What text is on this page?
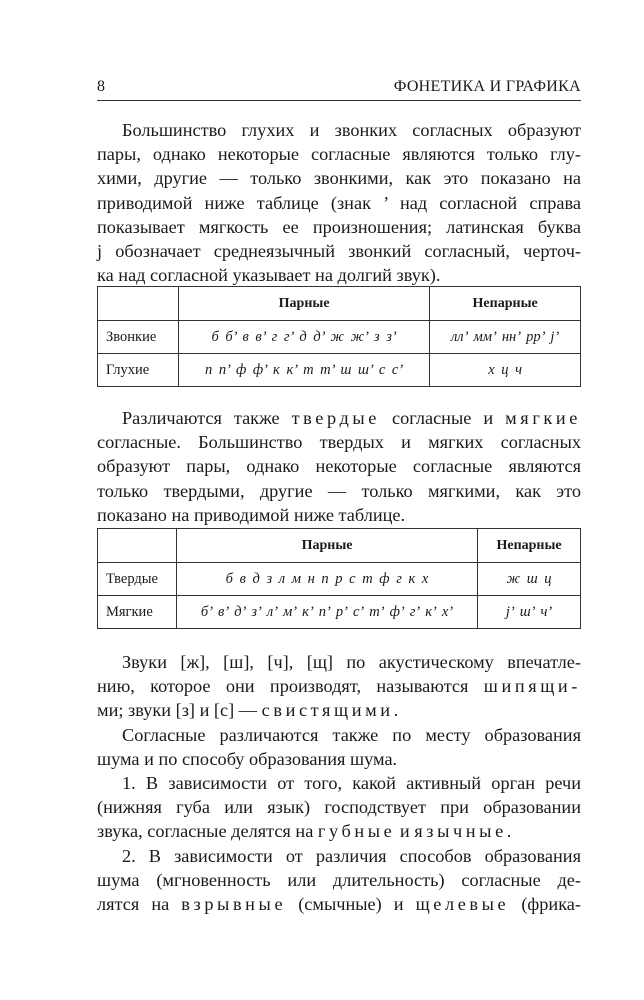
8	ФОНЕТИКА И ГРАФИКА
Большинство глухих и звонких согласных образуют
пары, однако некоторые согласные являются только глу-
хими, другие — только звонкими, как это показано на
приводимой ниже таблице (знак ’ над согласной справа
показывает мягкость ее произношения; латинская буква
j обозначает среднеязычный звонкий согласный, черточ-
ка над согласной указывает на долгий звук).
	Парные	Непарные
Звонкие	б б’ в в’ г г’ д д’ ж ж’ з з’	лл’ мм’ нн’ рр’ j’
Глухие	п п’ ф ф’ к к’ т т’ ш ш’ с с’	х ц ч
Различаются также твердые согласные и мягкие
согласные. Большинство твердых и мягких согласных
образуют пары, однако некоторые согласные являются
только твердыми, другие — только мягкими, как это
показано на приводимой ниже таблице.
	Парные	Непарные
Твердые	б в д з л м н п р с т ф г к х	ж ш ц
Мягкие	б’ в’ д’ з’ л’ м’ к’ п’ р’ с’ т’ ф’ г’ к’ х’	j’ ш’ ч’
Звуки [ж], [ш], [ч], [щ] по акустическому впечатле-
нию, которое они производят, называются шипящи-
ми; звуки [з] и [с] — свистящими.
Согласные различаются также по месту образования
шума и по способу образования шума.
1. В зависимости от того, какой активный орган речи
(нижняя губа или язык) господствует при образовании
звука, согласные делятся на губные и язычные.
2. В зависимости от различия способов образования
шума (мгновенность или длительность) согласные де-
лятся на взрывные (смычные) и щелевые (фрика-
